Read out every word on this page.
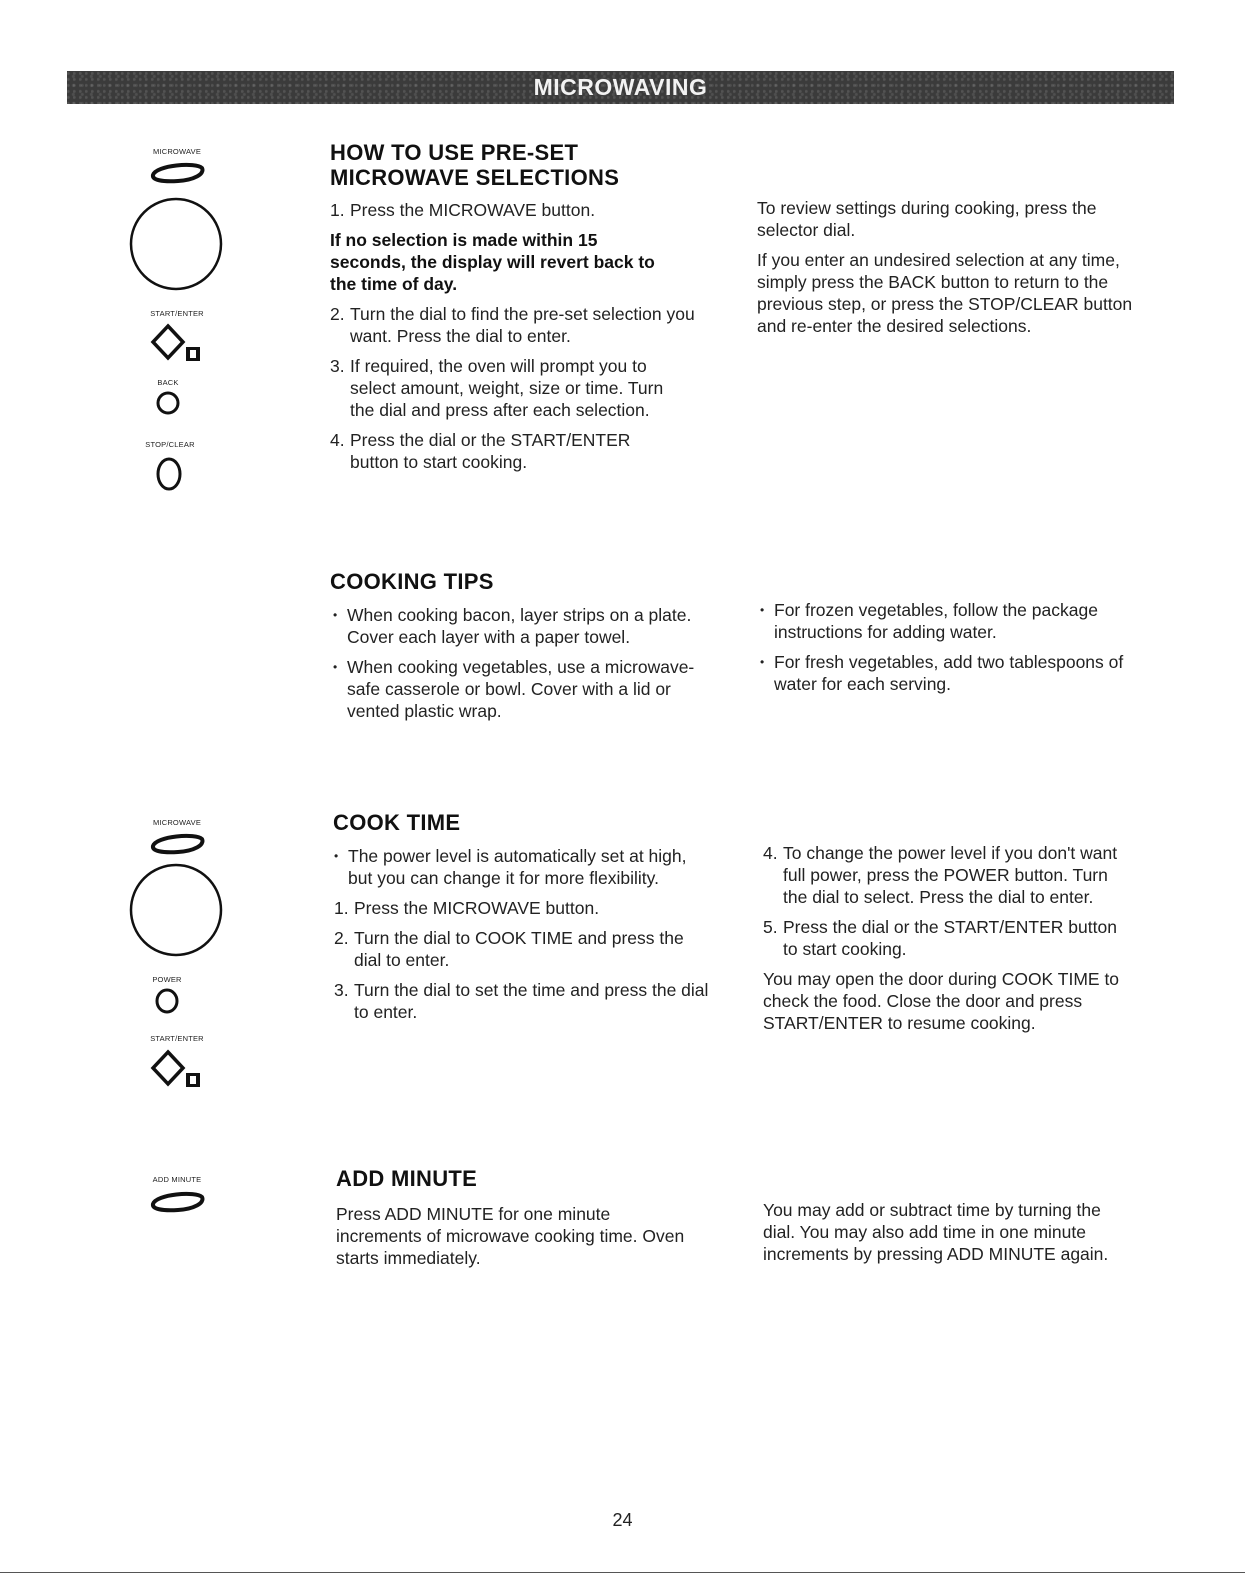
MICROWAVING
MICROWAVE
START/ENTER
BACK
STOP/CLEAR
HOW TO USE PRE-SET
MICROWAVE SELECTIONS
1. Press the MICROWAVE button.

If no selection is made within 15 seconds, the display will revert back to the time of day.

2. Turn the dial to find the pre-set selection you want. Press the dial to enter.
3. If required, the oven will prompt you to select amount, weight, size or time. Turn the dial and press after each selection.
4. Press the dial or the START/ENTER button to start cooking.

To review settings during cooking, press the selector dial.

If you enter an undesired selection at any time, simply press the BACK button to return to the previous step, or press the STOP/CLEAR button and re-enter the desired selections.

COOKING TIPS
• When cooking bacon, layer strips on a plate. Cover each layer with a paper towel.
• When cooking vegetables, use a microwave-safe casserole or bowl. Cover with a lid or vented plastic wrap.
• For frozen vegetables, follow the package instructions for adding water.
• For fresh vegetables, add two tablespoons of water for each serving.
MICROWAVE
POWER
START/ENTER
COOK TIME
• The power level is automatically set at high, but you can change it for more flexibility.
1. Press the MICROWAVE button.
2. Turn the dial to COOK TIME and press the dial to enter.
3. Turn the dial to set the time and press the dial to enter.
4. To change the power level if you don't want full power, press the POWER button. Turn the dial to select. Press the dial to enter.
5. Press the dial or the START/ENTER button to start cooking.

You may open the door during COOK TIME to check the food. Close the door and press START/ENTER to resume cooking.

ADD MINUTE	ADD MINUTE

Press ADD MINUTE for one minute increments of microwave cooking time. Oven starts immediately.

You may add or subtract time by turning the dial. You may also add time in one minute increments by pressing ADD MINUTE again.

24
